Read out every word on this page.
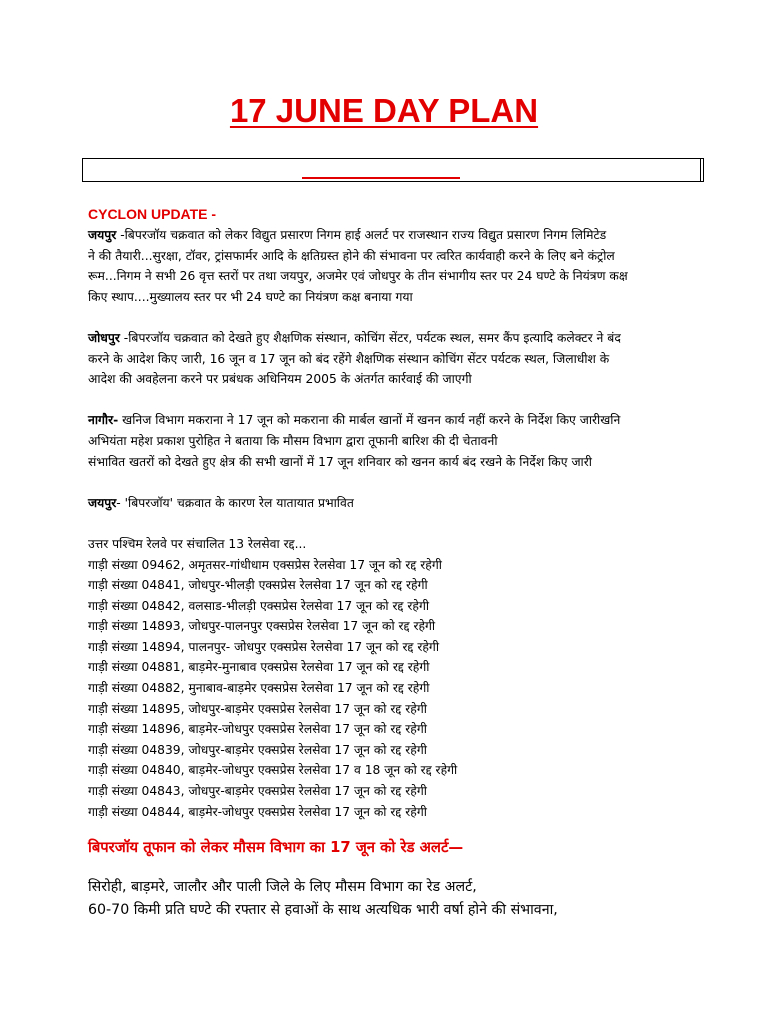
17 JUNE DAY PLAN
CYCLON UPDATE -

जयपुर -बिपरजॉय चक्रवात को लेकर विद्युत प्रसारण निगम हाई अलर्ट पर राजस्थान राज्य विद्युत प्रसारण निगम लिमिटेड

ने की तैयारी...सुरक्षा, टॉवर, ट्रांसफार्मर आदि के क्षतिग्रस्त होने की संभावना पर त्वरित कार्यवाही करने के लिए बने कंट्रोल

रूम...निगम ने सभी 26 वृत्त स्तरों पर तथा जयपुर, अजमेर एवं जोधपुर के तीन संभागीय स्तर पर 24 घण्टे के नियंत्रण कक्ष

किए स्थाप....मुख्यालय स्तर पर भी 24 घण्टे का नियंत्रण कक्ष बनाया गया

जोधपुर -बिपरजॉय चक्रवात को देखते हुए शैक्षणिक संस्थान, कोचिंग सेंटर, पर्यटक स्थल, समर कैंप इत्यादि कलेक्टर ने बंद

करने के आदेश किए जारी, 16 जून व 17 जून को बंद रहेंगे शैक्षणिक संस्थान कोचिंग सेंटर पर्यटक स्थल, जिलाधीश के

आदेश की अवहेलना करने पर प्रबंधक अधिनियम 2005 के अंतर्गत कार्रवाई की जाएगी

नागौर- खनिज विभाग मकराना ने 17 जून को मकराना की मार्बल खानों में खनन कार्य नहीं करने के निर्देश किए जारीखनि

अभियंता महेश प्रकाश पुरोहित ने बताया कि मौसम विभाग द्वारा तूफानी बारिश की दी चेतावनी

संभावित खतरों को देखते हुए क्षेत्र की सभी खानों में 17 जून शनिवार को खनन कार्य बंद रखने के निर्देश किए जारी

जयपुर- 'बिपरजॉय' चक्रवात के कारण रेल यातायात प्रभावित

उत्तर पश्चिम रेलवे पर संचालित 13 रेलसेवा रद्द...

गाड़ी संख्या 09462, अमृतसर-गांधीधाम एक्सप्रेस रेलसेवा 17 जून को रद्द रहेगी

गाड़ी संख्या 04841, जोधपुर-भीलड़ी एक्सप्रेस रेलसेवा 17 जून को रद्द रहेगी

गाड़ी संख्या 04842, वलसाड-भीलड़ी एक्सप्रेस रेलसेवा 17 जून को रद्द रहेगी

गाड़ी संख्या 14893, जोधपुर-पालनपुर एक्सप्रेस रेलसेवा 17 जून को रद्द रहेगी

गाड़ी संख्या 14894, पालनपुर- जोधपुर एक्सप्रेस रेलसेवा 17 जून को रद्द रहेगी

गाड़ी संख्या 04881, बाड़मेर-मुनाबाव एक्सप्रेस रेलसेवा 17 जून को रद्द रहेगी

गाड़ी संख्या 04882, मुनाबाव-बाड़मेर एक्सप्रेस रेलसेवा 17 जून को रद्द रहेगी

गाड़ी संख्या 14895, जोधपुर-बाड़मेर एक्सप्रेस रेलसेवा 17 जून को रद्द रहेगी

गाड़ी संख्या 14896, बाड़मेर-जोधपुर एक्सप्रेस रेलसेवा 17 जून को रद्द रहेगी

गाड़ी संख्या 04839, जोधपुर-बाड़मेर एक्सप्रेस रेलसेवा 17 जून को रद्द रहेगी

गाड़ी संख्या 04840, बाड़मेर-जोधपुर एक्सप्रेस रेलसेवा 17 व 18 जून को रद्द रहेगी

गाड़ी संख्या 04843, जोधपुर-बाड़मेर एक्सप्रेस रेलसेवा 17 जून को रद्द रहेगी

गाड़ी संख्या 04844, बाड़मेर-जोधपुर एक्सप्रेस रेलसेवा 17 जून को रद्द रहेगी

बिपरजॉय तूफान को लेकर मौसम विभाग का 17 जून को रेड अलर्ट—

सिरोही, बाड़मरे, जालौर और पाली जिले के लिए मौसम विभाग का रेड अलर्ट,

60-70 किमी प्रति घण्टे की रफ्तार से हवाओं के साथ अत्यधिक भारी वर्षा होने की संभावना,
